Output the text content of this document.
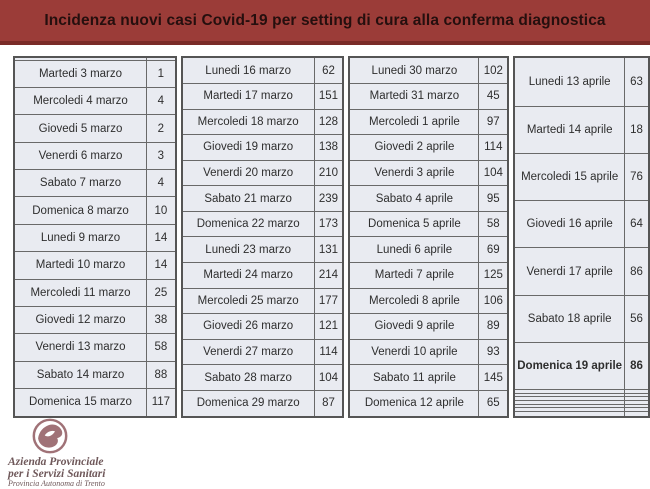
Incidenza nuovi casi Covid-19 per setting di cura alla conferma diagnostica

Martedi 3 marzo	1
Mercoledi 4 marzo	4
Giovedi 5 marzo	2
Venerdi 6 marzo	3
Sabato 7 marzo	4
Domenica 8 marzo	10
Lunedi 9 marzo	14
Martedi 10 marzo	14
Mercoledi 11 marzo	25
Giovedi 12 marzo	38
Venerdi 13 marzo	58
Sabato 14 marzo	88
Domenica 15 marzo	117
Lunedi 16 marzo	62
Martedi 17 marzo	151
Mercoledi 18 marzo	128
Giovedi 19 marzo	138
Venerdi 20 marzo	210
Sabato 21 marzo	239
Domenica 22 marzo	173
Lunedi 23 marzo	131
Martedi 24 marzo	214
Mercoledi 25 marzo	177
Giovedi 26 marzo	121
Venerdi 27 marzo	114
Sabato 28 marzo	104
Domenica 29 marzo	87
Lunedi 30 marzo	102
Martedi 31 marzo	45
Mercoledi 1 aprile	97
Giovedi 2 aprile	114
Venerdi 3 aprile	104
Sabato 4 aprile	95
Domenica 5 aprile	58
Lunedi 6 aprile	69
Martedi 7 aprile	125
Mercoledi 8 aprile	106
Giovedi 9 aprile	89
Venerdi 10 aprile	93
Sabato 11 aprile	145
Domenica 12 aprile	65
Lunedi 13 aprile	63
Martedi 14 aprile	18
Mercoledi 15 aprile	76
Giovedi 16 aprile	64
Venerdi 17 aprile	86
Sabato 18 aprile	56
Domenica 19 aprile	86

Azienda Provinciale
per i Servizi Sanitari
Provincia Autonoma di Trento
